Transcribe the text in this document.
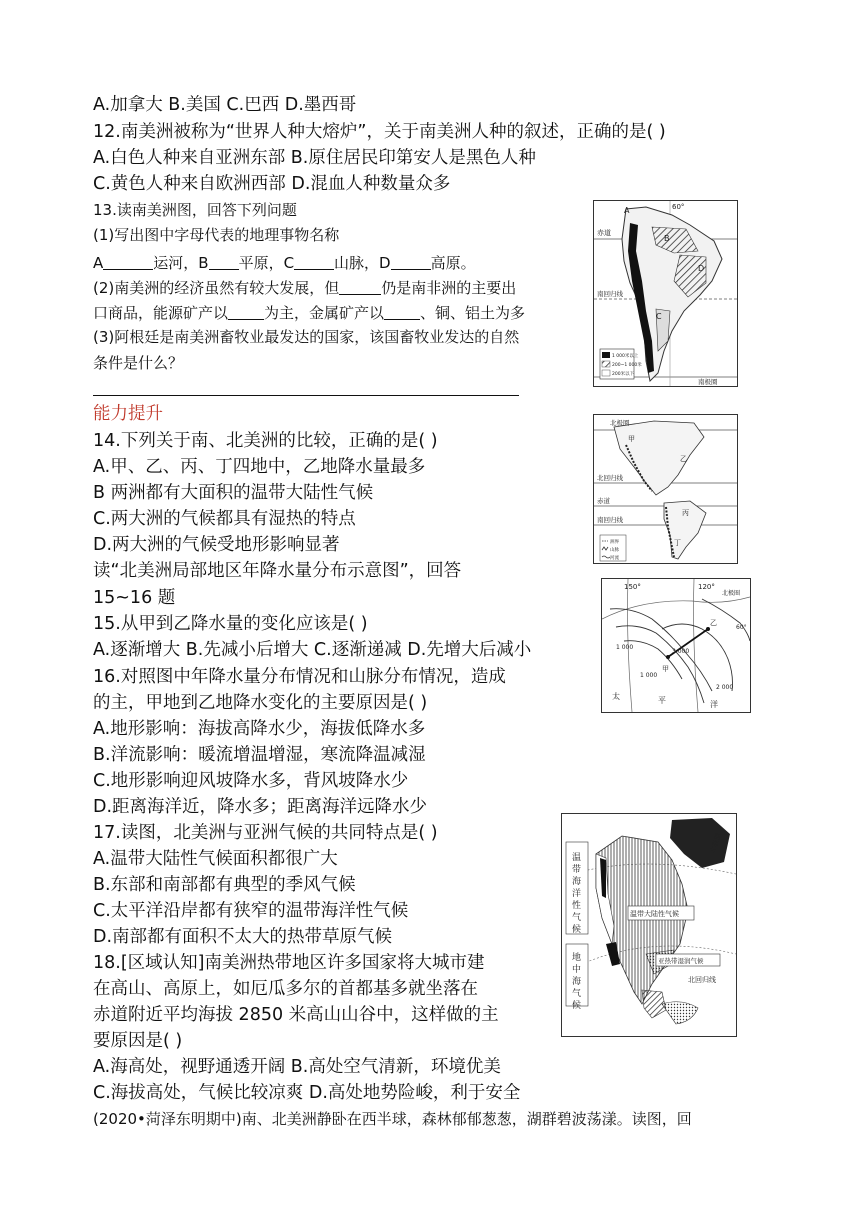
A.加拿大 B.美国 C.巴西 D.墨西哥
12.南美洲被称为“世界人种大熔炉”，关于南美洲人种的叙述，正确的是( )
A.白色人种来自亚洲东部 B.原住居民印第安人是黑色人种
C.黄色人种来自欧洲西部 D.混血人种数量众多
13.读南美洲图，回答下列问题
(1)写出图中字母代表的地理事物名称
A	运河，B 平原，C	山脉，D	高原。
(2)南美洲的经济虽然有较大发展，但	仍是南非洲的主要出
口商品，能源矿产以 为主，金属矿产以 、铜、铝土为多
(3)阿根廷是南美洲畜牧业最发达的国家，该国畜牧业发达的自然
条件是什么？
A
B
C
D
60°
赤道
南回归线
南极圈
1 000米以上
200~1 000米
200米以下
能力提升
14.下列关于南、北美洲的比较，正确的是( )
A.甲、乙、丙、丁四地中，乙地降水量最多
B 两洲都有大面积的温带大陆性气候
C.两大洲的气候都具有湿热的特点
D.两大洲的气候受地形影响显著
北极圈
北回归线
赤道
南回归线
甲
乙
丙
丁
洲界
山脉
河流
读“北美洲局部地区年降水量分布示意图”，回答
15~16 题
15.从甲到乙降水量的变化应该是( )
A.逐渐增大 B.先减小后增大 C.逐渐递减 D.先增大后减小
150°	120°
北极圈
60°
1 000
3 000
1 000
2 000
甲
乙
太	平	洋
16.对照图中年降水量分布情况和山脉分布情况，造成
的主，甲地到乙地降水变化的主要原因是( )
A.地形影响：海拔高降水少，海拔低降水多
B.洋流影响：暖流增温增湿，寒流降温减湿
C.地形影响迎风坡降水多，背风坡降水少
D.距离海洋近，降水多；距离海洋远降水少
17.读图，北美洲与亚洲气候的共同特点是( )
A.温带大陆性气候面积都很广大
B.东部和南部都有典型的季风气候
C.太平洋沿岸都有狭窄的温带海洋性气候
D.南部都有面积不太大的热带草原气候
温 带 海 洋 性 气 候
地 中 海 气 候
温带大陆性气候
亚热带湿润气候
北回归线
北极圈
18.[区域认知]南美洲热带地区许多国家将大城市建
在高山、高原上，如厄瓜多尔的首都基多就坐落在
赤道附近平均海拔 2850 米高山山谷中，这样做的主
要原因是( )
A.海高处，视野通透开阔 B.高处空气清新，环境优美
C.海拔高处，气候比较凉爽 D.高处地势险峻，利于安全
(2020•菏泽东明期中)南、北美洲静卧在西半球，森林郁郁葱葱，湖群碧波荡漾。读图，回
